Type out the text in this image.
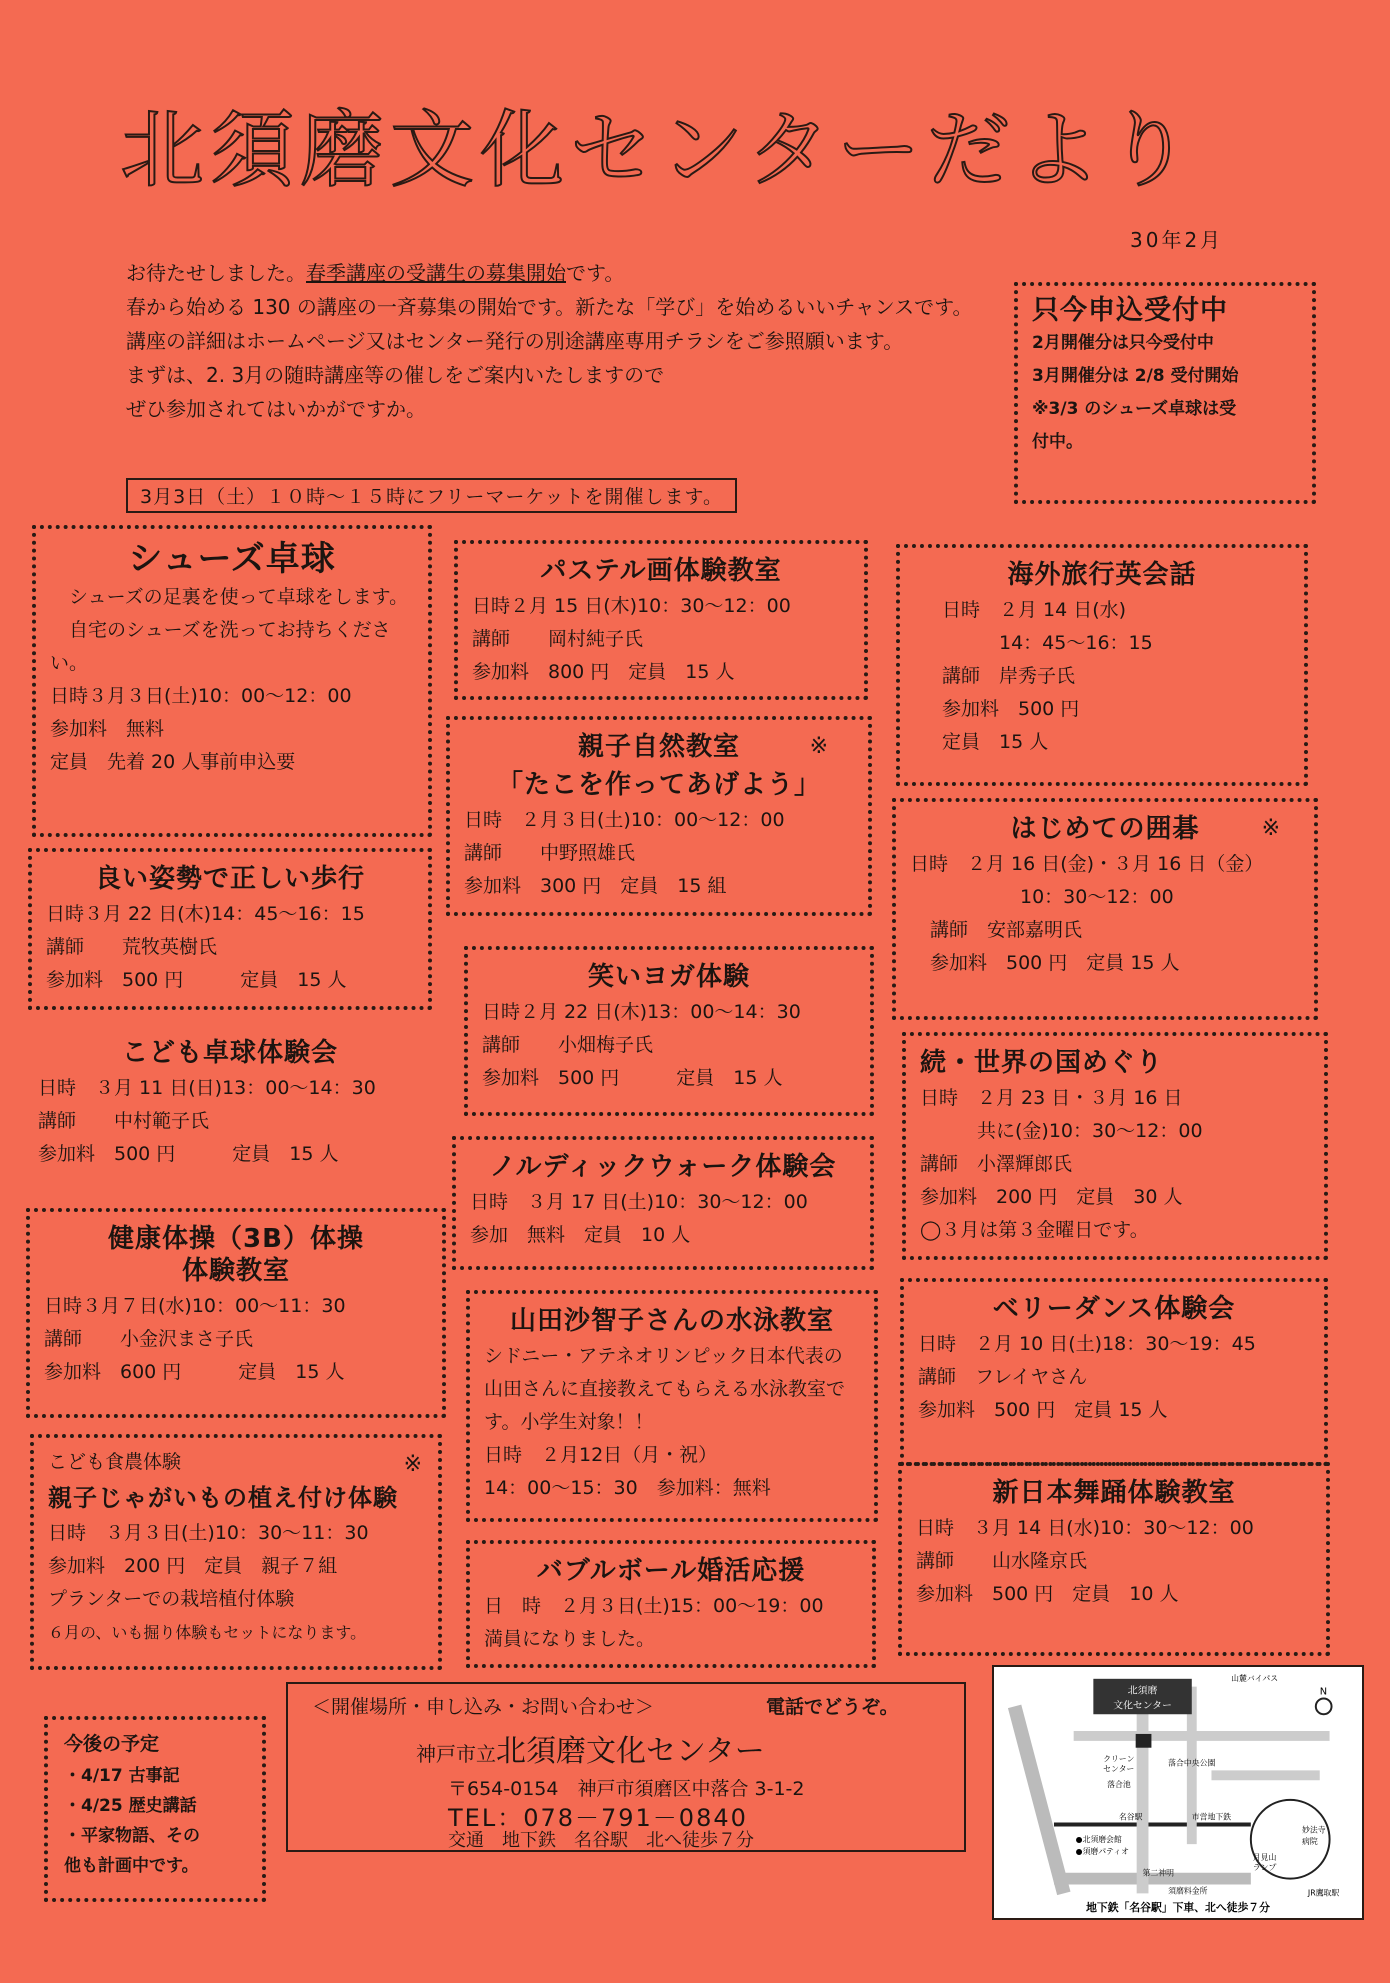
北須磨文化センターだより
30年2月

お待たせしました。春季講座の受講生の募集開始です。

春から始める 130 の講座の一斉募集の開始です。新たな「学び」を始めるいいチャンスです。

講座の詳細はホームページ又はセンター発行の別途講座専用チラシをご参照願います。

まずは、2. 3月の随時講座等の催しをご案内いたしますので

ぜひ参加されてはいかがですか。

3月3日（土）１０時～１５時にフリーマーケットを開催します。

只今申込受付中

2月開催分は只今受付中

3月開催分は 2/8 受付開始

※3/3 のシューズ卓球は受

付中。

シューズ卓球

　シューズの足裏を使って卓球をします。

　自宅のシューズを洗ってお持ちください。

日時３月３日(土)10：00～12：00

参加料　無料

定員　先着 20 人事前申込要

良い姿勢で正しい歩行

日時３月 22 日(木)14：45～16：15

講師　　荒牧英樹氏

参加料　500 円　　　定員　15 人

こども卓球体験会

日時　３月 11 日(日)13：00～14：30

講師　　中村範子氏

参加料　500 円　　　定員　15 人

健康体操（3B）体操

体験教室

日時３月７日(水)10：00～11：30

講師　　小金沢まさ子氏

参加料　600 円　　　定員　15 人

※

こども食農体験

親子じゃがいもの植え付け体験

日時　３月３日(土)10：30～11：30

参加料　200 円　定員　親子７組

プランターでの栽培植付体験

６月の、いも掘り体験もセットになります。

パステル画体験教室

日時２月 15 日(木)10：30～12：00

講師　　岡村純子氏

参加料　800 円　定員　15 人

※

親子自然教室

「たこを作ってあげよう」

日時　２月３日(土)10：00～12：00

講師　　中野照雄氏

参加料　300 円　定員　15 組

笑いヨガ体験

日時２月 22 日(木)13：00～14：30

講師　　小畑梅子氏

参加料　500 円　　　定員　15 人

ノルディックウォーク体験会

日時　３月 17 日(土)10：30～12：00

参加　無料　定員　10 人

山田沙智子さんの水泳教室

シドニー・アテネオリンピック日本代表の山田さんに直接教えてもらえる水泳教室です。小学生対象！！

日時　２月12日（月・祝）

14：00～15：30　参加料：無料

バブルボール婚活応援

日　時　２月３日(土)15：00～19：00

満員になりました。

海外旅行英会話

日時　２月 14 日(水)

　　　14：45～16：15

講師　岸秀子氏

参加料　500 円

定員　15 人

※

はじめての囲碁

日時　２月 16 日(金)・３月 16 日（金）

10：30～12：00

講師　安部嘉明氏

参加料　500 円　定員 15 人

続・世界の国めぐり

日時　２月 23 日・３月 16 日

　　　共に(金)10：30～12：00

講師　小澤輝郎氏

参加料　200 円　定員　30 人

◯３月は第３金曜日です。

ベリーダンス体験会

日時　２月 10 日(土)18：30～19：45

講師　フレイヤさん

参加料　500 円　定員 15 人

新日本舞踊体験教室

日時　３月 14 日(水)10：30～12：00

講師　　山水隆京氏

参加料　500 円　定員　10 人

今後の予定

・4/17 古事記

・4/25 歴史講話

・平家物語、その

他も計画中です。

＜開催場所・申し込み・お問い合わせ＞	電話でどうぞ。

神戸市立北須磨文化センター

〒654-0154　神戸市須磨区中落合 3-1-2

TEL：078－791－0840

交通　地下鉄　名谷駅　北へ徒歩７分

北須磨
文化センター
山麓バイパス
N
クリーン
センター
落合中央公園
落合池
名谷駅	市営地下鉄
●北須磨会館
●須磨パティオ
妙法寺
病院
第二神明
月見山
ランプ
須磨料金所	JR鷹取駅
地下鉄「名谷駅」下車、北へ徒歩７分
